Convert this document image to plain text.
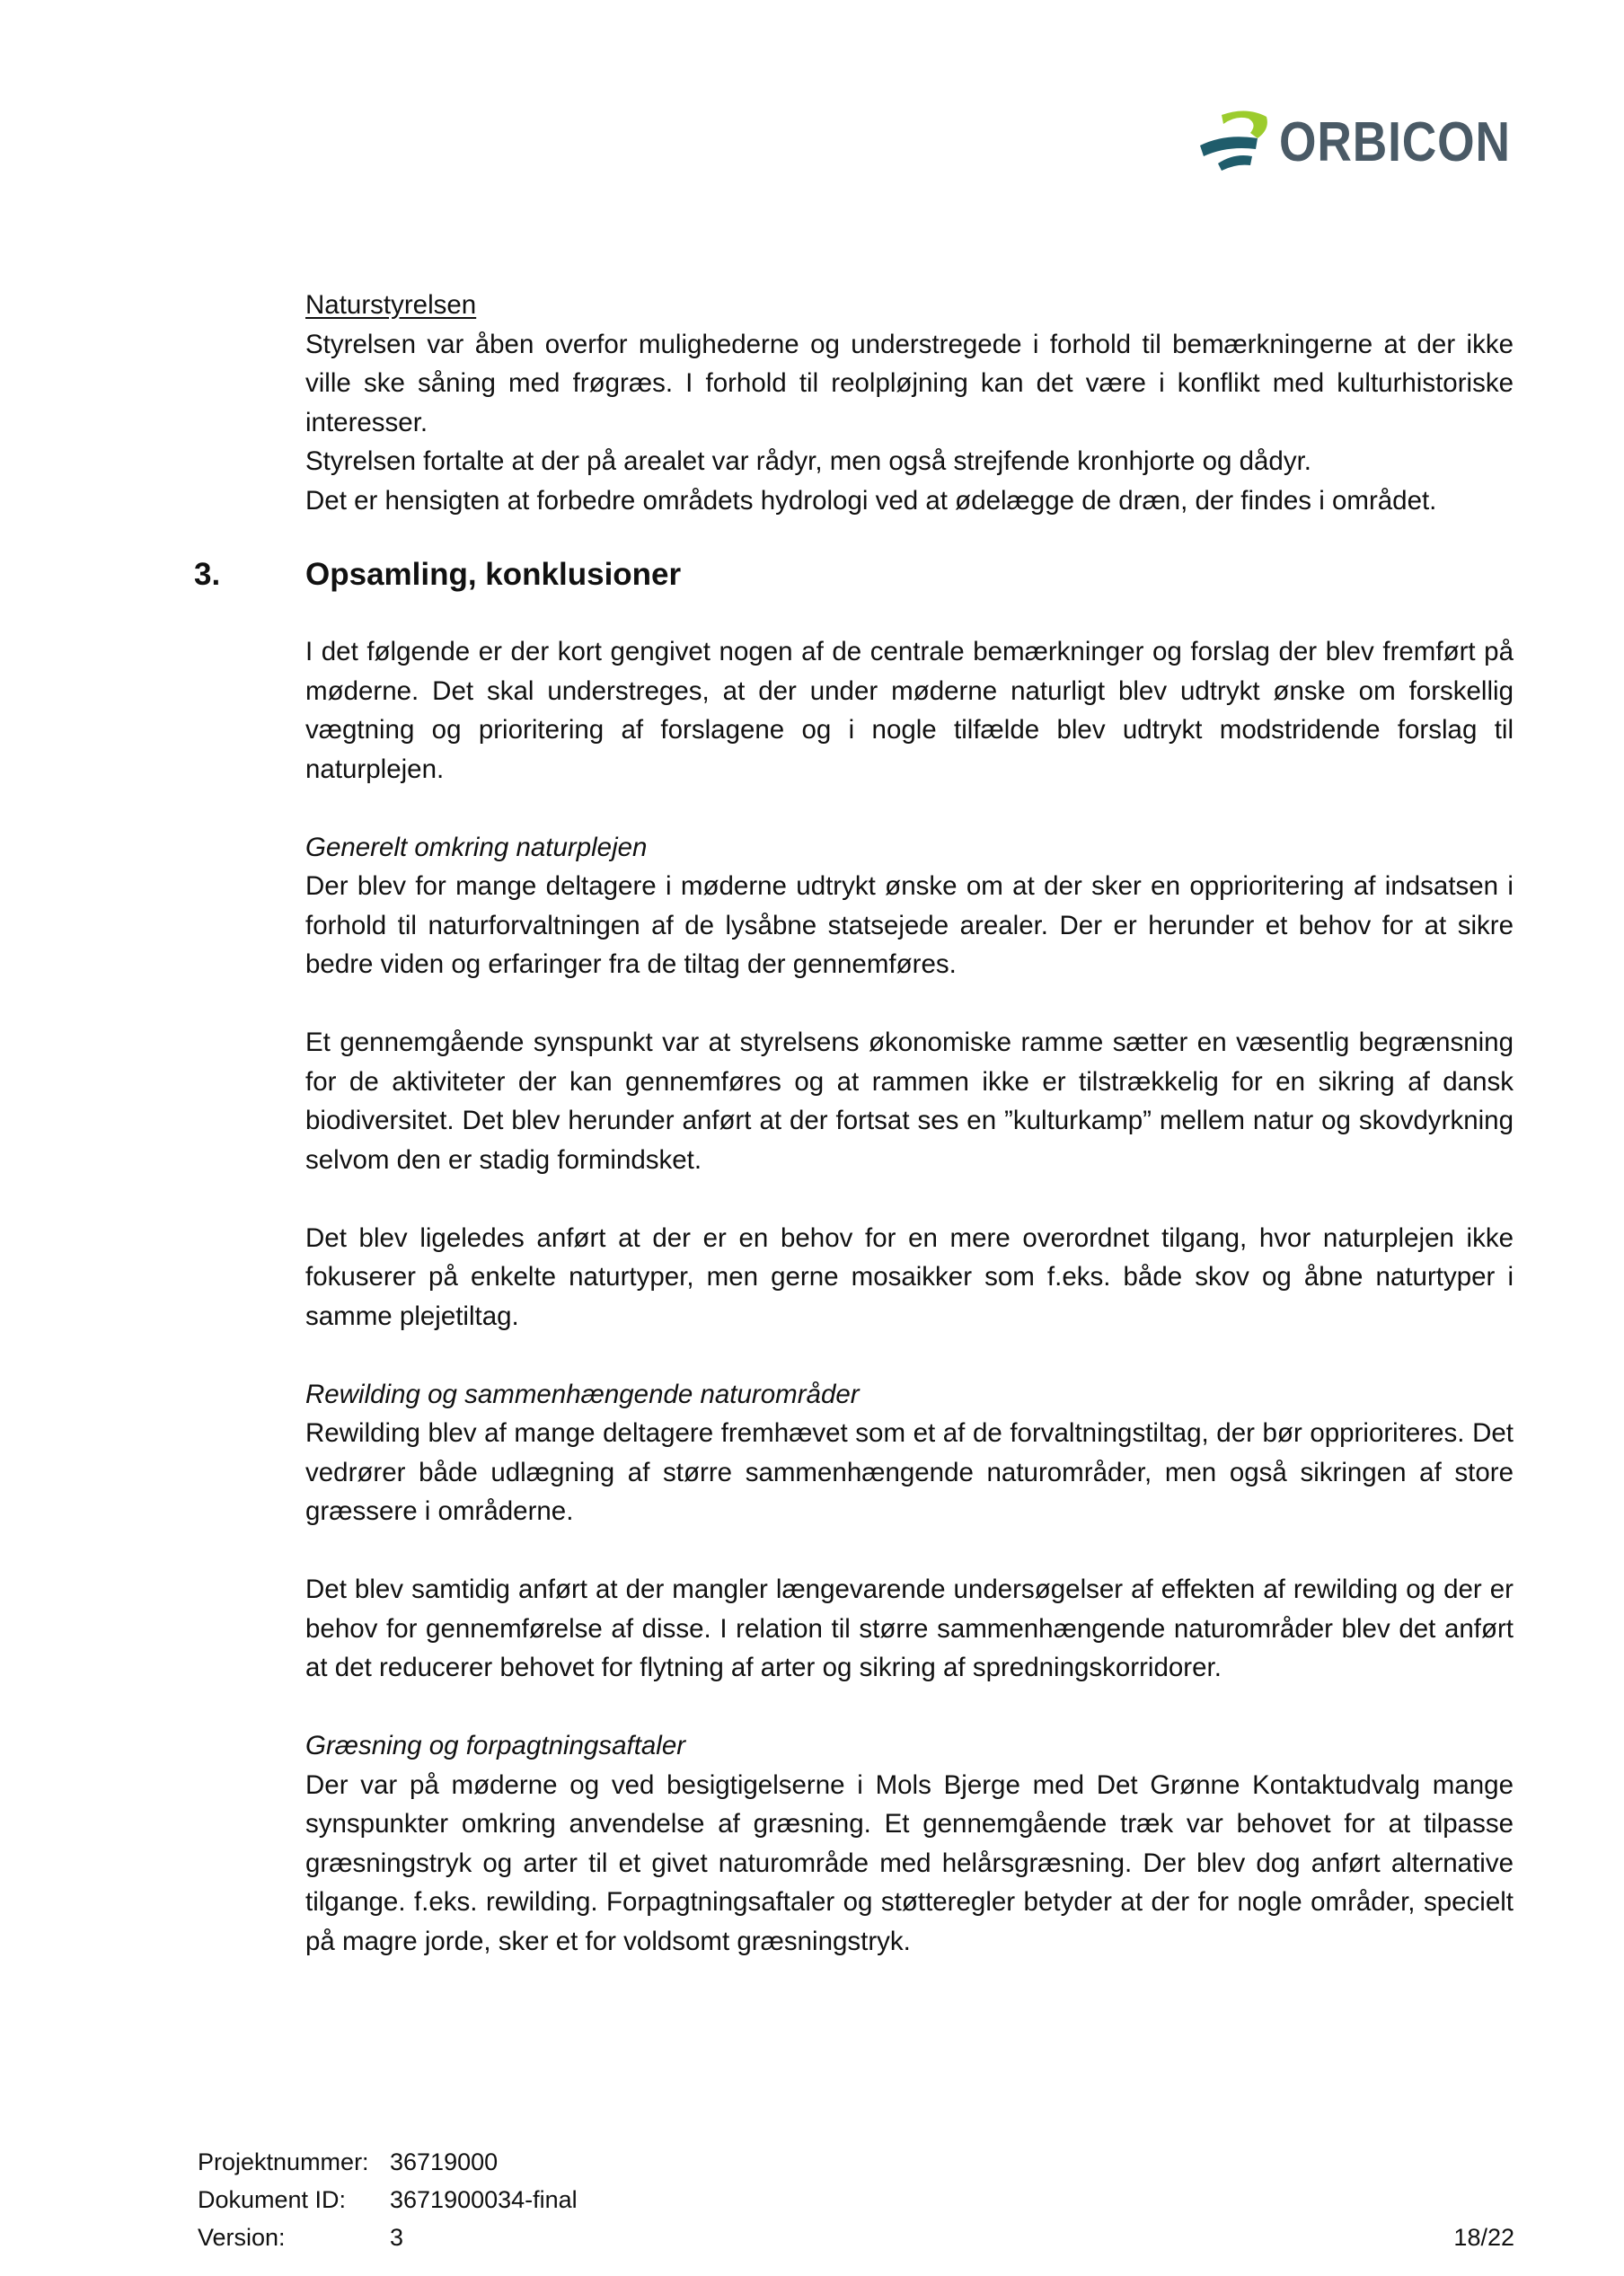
ORBICON

Naturstyrelsen

Styrelsen var åben overfor mulighederne og understregede i forhold til bemærkningerne at der ikke ville ske såning med frøgræs. I forhold til reolpløjning kan det være i konflikt med kulturhistoriske interesser.

Styrelsen fortalte at der på arealet var rådyr, men også strejfende kronhjorte og dådyr.

Det er hensigten at forbedre områdets hydrologi ved at ødelægge de dræn, der findes i området.

3.	Opsamling, konklusioner

I det følgende er der kort gengivet nogen af de centrale bemærkninger og forslag der blev fremført på møderne. Det skal understreges, at der under møderne naturligt blev udtrykt ønske om forskellig vægtning og prioritering af forslagene og i nogle tilfælde blev udtrykt modstridende forslag til naturplejen.

Generelt omkring naturplejen

Der blev for mange deltagere i møderne udtrykt ønske om at der sker en opprioritering af indsatsen i forhold til naturforvaltningen af de lysåbne statsejede arealer. Der er herunder et behov for at sikre bedre viden og erfaringer fra de tiltag der gennemføres.

Et gennemgående synspunkt var at styrelsens økonomiske ramme sætter en væsentlig begrænsning for de aktiviteter der kan gennemføres og at rammen ikke er tilstrækkelig for en sikring af dansk biodiversitet. Det blev herunder anført at der fortsat ses en ”kulturkamp” mellem natur og skovdyrkning selvom den er stadig formindsket.

Det blev ligeledes anført at der er en behov for en mere overordnet tilgang, hvor naturplejen ikke fokuserer på enkelte naturtyper, men gerne mosaikker som f.eks. både skov og åbne naturtyper i samme plejetiltag.

Rewilding og sammenhængende naturområder

Rewilding blev af mange deltagere fremhævet som et af de forvaltningstiltag, der bør opprioriteres. Det vedrører både udlægning af større sammenhængende naturområder, men også sikringen af store græssere i områderne.

Det blev samtidig anført at der mangler længevarende undersøgelser af effekten af rewilding og der er behov for gennemførelse af disse. I relation til større sammenhængende naturområder blev det anført at det reducerer behovet for flytning af arter og sikring af spredningskorridorer.

Græsning og forpagtningsaftaler

Der var på møderne og ved besigtigelserne i Mols Bjerge med Det Grønne Kontaktudvalg mange synspunkter omkring anvendelse af græsning. Et gennemgående træk var behovet for at tilpasse græsningstryk og arter til et givet naturområde med helårsgræsning. Der blev dog anført alternative tilgange. f.eks. rewilding. Forpagtningsaftaler og støtteregler betyder at der for nogle områder, specielt på magre jorde, sker et for voldsomt græsningstryk.

Projektnummer: 36719000
Dokument ID:	3671900034-final
Version:	3	18/22
